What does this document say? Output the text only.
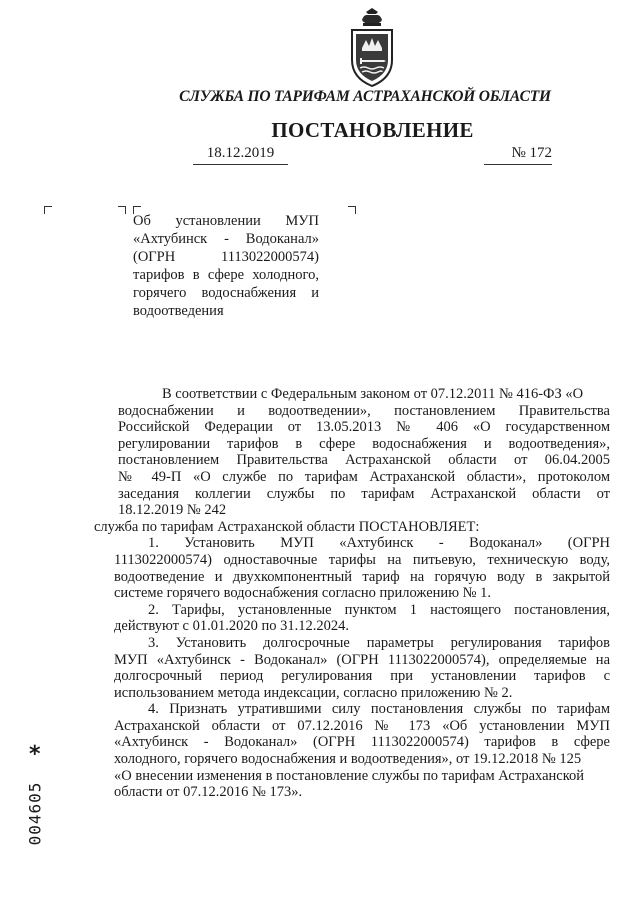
СЛУЖБА ПО ТАРИФАМ АСТРАХАНСКОЙ ОБЛАСТИ
ПОСТАНОВЛЕНИЕ
18.12.2019	№ 172
Об установлении МУП
«Ахтубинск - Водоканал»
(ОГРН 1113022000574)
тарифов в сфере холодного,
горячего водоснабжения и
водоотведения
В соответствии с Федеральным законом от 07.12.2011 № 416-ФЗ «О
водоснабжении и водоотведении», постановлением Правительства
Российской Федерации от 13.05.2013 № 406 «О государственном
регулировании тарифов в сфере водоснабжения и водоотведения»,
постановлением Правительства Астраханской области от 06.04.2005
№ 49-П «О службе по тарифам Астраханской области», протоколом
заседания коллегии службы по тарифам Астраханской области от
18.12.2019 № 242
служба по тарифам Астраханской области ПОСТАНОВЛЯЕТ:
1. Установить МУП «Ахтубинск - Водоканал» (ОГРН
1113022000574) одноставочные тарифы на питьевую, техническую воду,
водоотведение и двухкомпонентный тариф на горячую воду в закрытой
системе горячего водоснабжения согласно приложению № 1.
2. Тарифы, установленные пунктом 1 настоящего постановления,
действуют с 01.01.2020 по 31.12.2024.
3. Установить долгосрочные параметры регулирования тарифов
МУП «Ахтубинск - Водоканал» (ОГРН 1113022000574), определяемые на
долгосрочный период регулирования при установлении тарифов с
использованием метода индексации, согласно приложению № 2.
4. Признать утратившими силу постановления службы по тарифам
Астраханской области от 07.12.2016 № 173 «Об установлении МУП
«Ахтубинск - Водоканал» (ОГРН 1113022000574) тарифов в сфере
холодного, горячего водоснабжения и водоотведения», от 19.12.2018 № 125
«О внесении изменения в постановление службы по тарифам Астраханской
области от 07.12.2016 № 173».
*
004605
